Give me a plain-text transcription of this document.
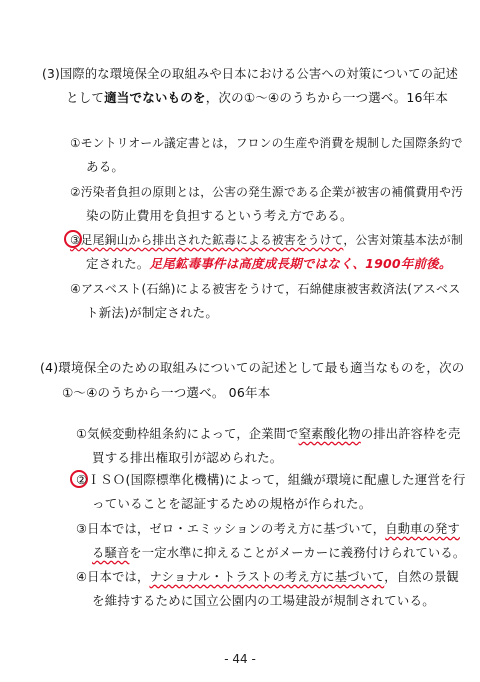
(3)国際的な環境保全の取組みや日本における公害への対策についての記述
として適当でないものを，次の①～④のうちから一つ選べ。16年本
①モントリオール議定書とは，フロンの生産や消費を規制した国際条約で
ある。
②汚染者負担の原則とは，公害の発生源である企業が被害の補償費用や汚
染の防止費用を負担するという考え方である。
③足尾銅山から排出された鉱毒による被害をうけて，公害対策基本法が制
定された。足尾鉱毒事件は高度成長期ではなく、1900年前後。
④アスベスト(石綿)による被害をうけて，石綿健康被害救済法(アスベス
ト新法)が制定された。
(4)環境保全のための取組みについての記述として最も適当なものを，次の
①～④のうちから一つ選べ。 06年本
①気候変動枠組条約によって，企業間で窒素酸化物の排出許容枠を売
買する排出権取引が認められた。
②ＩＳＯ(国際標準化機構)によって，組織が環境に配慮した運営を行
っていることを認証するための規格が作られた。
③日本では，ゼロ・エミッションの考え方に基づいて，自動車の発す
る騒音を一定水準に抑えることがメーカーに義務付けられている。
④日本では，ナショナル・トラストの考え方に基づいて，自然の景観
を維持するために国立公園内の工場建設が規制されている。
- 44 -
